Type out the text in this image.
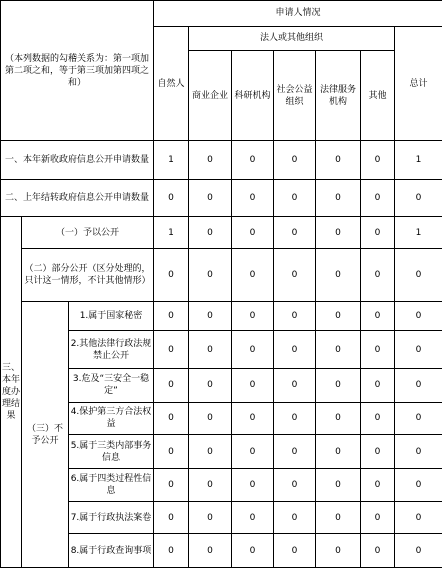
（本列数据的勾稽关系为：第一项加第二项之和，等于第三项加第四项之和）			申请人情况						
			自然人	法人或其他组织					总计
				商业企业	科研机构	社会公益组织	法律服务机构	其他	
一、本年新收政府信息公开申请数量			1	0	0	0	0	0	1
二、上年结转政府信息公开申请数量			0	0	0	0	0	0	0
三、本年度办理结果	（一）予以公开		1	0	0	0	0	0	1
	（二）部分公开（区分处理的，只计这一情形，不计其他情形）		0	0	0	0	0	0	0
	（三）不予公开	1.属于国家秘密	0	0	0	0	0	0	0
		2.其他法律行政法规禁止公开	0	0	0	0	0	0	0
		3.危及“三安全一稳定”	0	0	0	0	0	0	0
		4.保护第三方合法权益	0	0	0	0	0	0	0
		5.属于三类内部事务信息	0	0	0	0	0	0	0
		6.属于四类过程性信息	0	0	0	0	0	0	0
		7.属于行政执法案卷	0	0	0	0	0	0	0
		8.属于行政查询事项	0	0	0	0	0	0	0
